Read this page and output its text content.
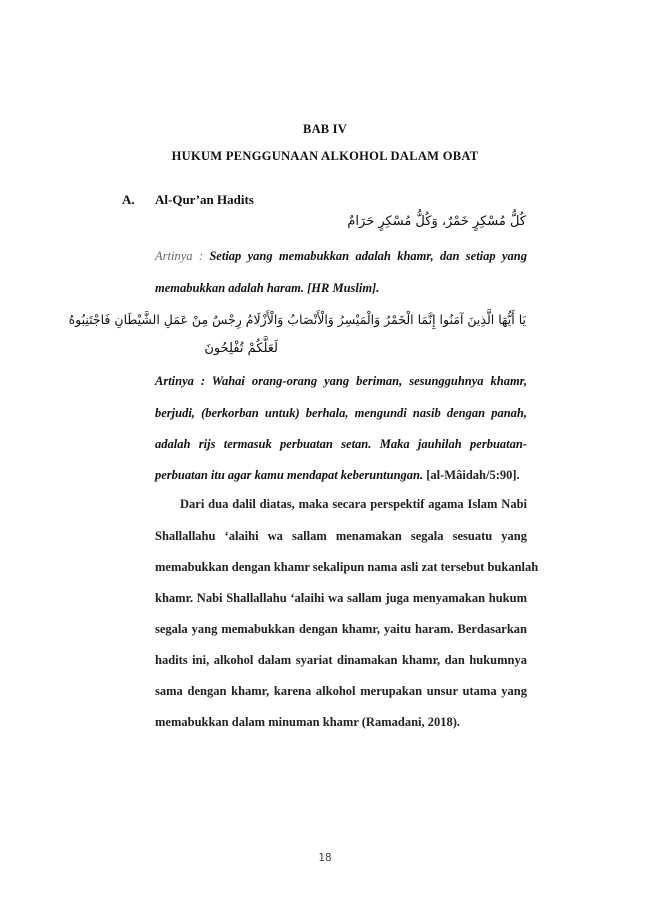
BAB IV
HUKUM PENGGUNAAN ALKOHOL DALAM OBAT
A. Al-Qur’an Hadits
كُلُّ مُسْكِرٍ خَمْرٌ، وَكُلُّ مُسْكِرٍ حَرَامٌ
Artinya : Setiap yang memabukkan adalah khamr, dan setiap yang
memabukkan adalah haram. [HR Muslim].
يَا أَيُّهَا الَّذِينَ آمَنُوا إِنَّمَا الْخَمْرُ وَالْمَيْسِرُ وَالْأَنْصَابُ وَالْأَزْلَامُ رِجْسٌ مِنْ عَمَلِ الشَّيْطَانِ فَاجْتَنِبُوهُ
لَعَلَّكُمْ تُفْلِحُونَ
Artinya : Wahai orang-orang yang beriman, sesungguhnya khamr,
berjudi, (berkorban untuk) berhala, mengundi nasib dengan panah,
adalah rijs termasuk perbuatan setan. Maka jauhilah perbuatan-
perbuatan itu agar kamu mendapat keberuntungan. [al-Mâidah/5:90].
Dari dua dalil diatas, maka secara perspektif agama Islam Nabi
Shallallahu ‘alaihi wa sallam menamakan segala sesuatu yang
memabukkan dengan khamr sekalipun nama asli zat tersebut bukanlah
khamr. Nabi Shallallahu ‘alaihi wa sallam juga menyamakan hukum
segala yang memabukkan dengan khamr, yaitu haram. Berdasarkan
hadits ini, alkohol dalam syariat dinamakan khamr, dan hukumnya
sama dengan khamr, karena alkohol merupakan unsur utama yang
memabukkan dalam minuman khamr (Ramadani, 2018).
18
